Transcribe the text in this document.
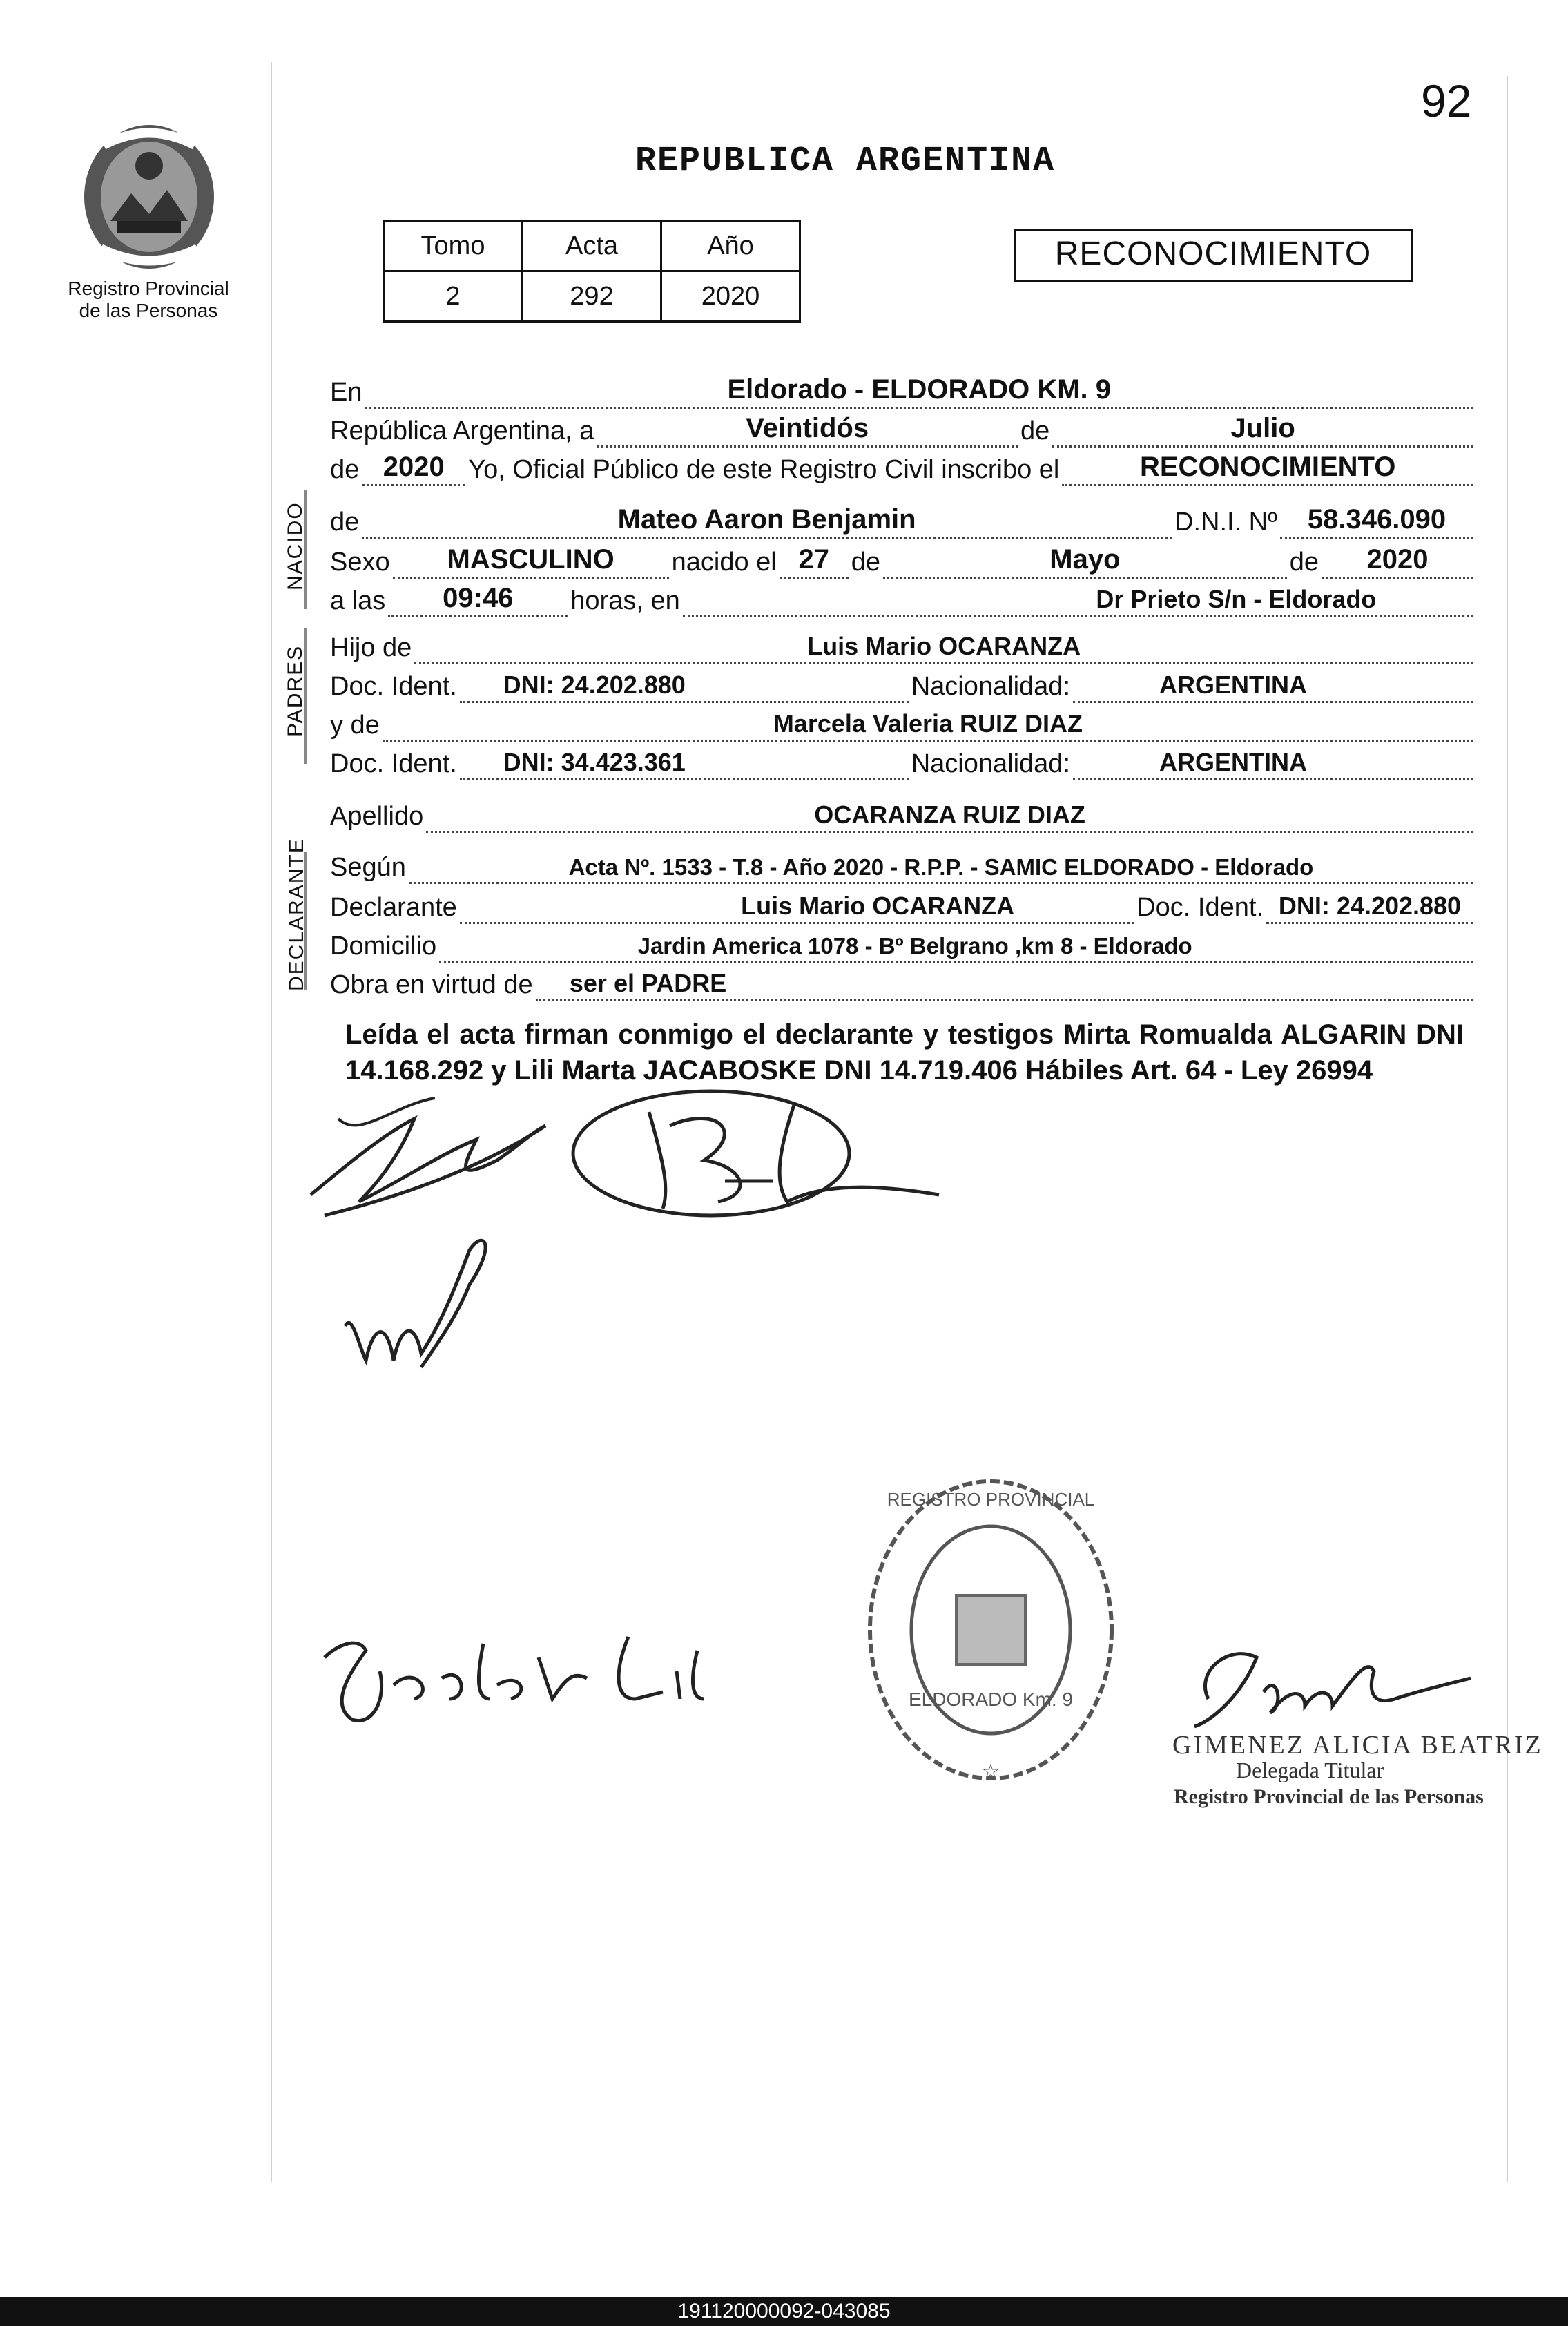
92
Registro Provincial
de las Personas
REPUBLICA ARGENTINA
Tomo	Acta	Año
2	292	2020
RECONOCIMIENTO
NACIDO
PADRES
DECLARANTE
En	Eldorado - ELDORADO KM. 9
República Argentina, a	Veintidós	de	Julio
de 2020 Yo, Oficial Público de este Registro Civil inscribo el	RECONOCIMIENTO
de	Mateo Aaron Benjamin	D.N.I. Nº 58.346.090
Sexo MASCULINO nacido el 27 de	Mayo	de 2020
a las 09:46 horas, en	Dr Prieto S/n - Eldorado
Hijo de	Luis Mario OCARANZA
Doc. Ident. DNI: 24.202.880	Nacionalidad:	ARGENTINA
y de	Marcela Valeria RUIZ DIAZ
Doc. Ident. DNI: 34.423.361	Nacionalidad:	ARGENTINA
Apellido	OCARANZA RUIZ DIAZ
Según	Acta Nº. 1533 - T.8 - Año 2020 - R.P.P. - SAMIC ELDORADO - Eldorado
Declarante	Luis Mario OCARANZA	Doc. Ident. DNI: 24.202.880
Domicilio	Jardin America 1078 - Bº Belgrano ,km 8 - Eldorado
Obra en virtud de ser el PADRE
Leída el acta firman conmigo el declarante y testigos Mirta Romualda ALGARIN DNI 14.168.292 y Lili Marta JACABOSKE DNI 14.719.406 Hábiles Art. 64 - Ley 26994
REGISTRO PROVINCIAL
ELDORADO Km. 9
☆
GIMENEZ ALICIA BEATRIZ
Delegada Titular
Registro Provincial de las Personas
191120000092-043085
